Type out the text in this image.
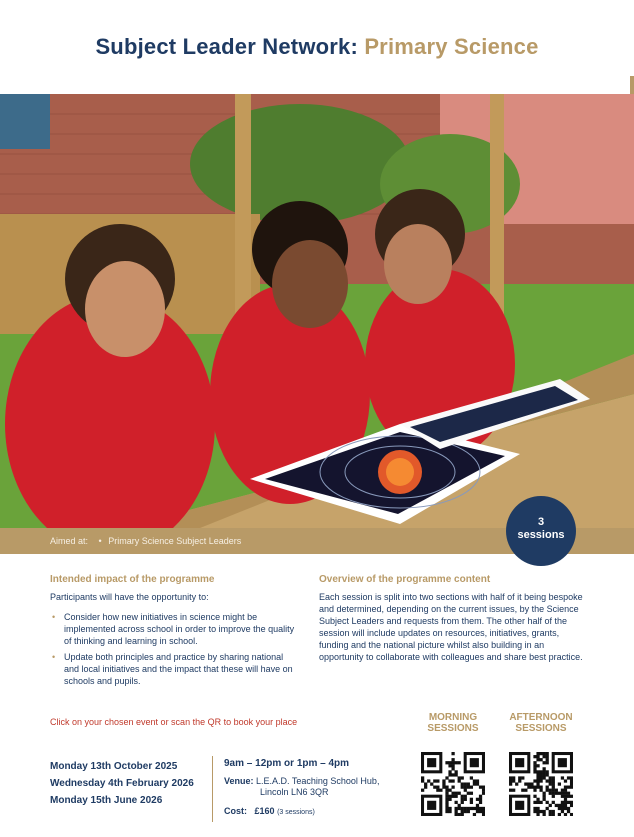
Subject Leader Network: Primary Science
Aimed at: • Primary Science Subject Leaders
3
sessions
Intended impact of the programme
Participants will have the opportunity to:
• Consider how new initiatives in science might be implemented across school in order to improve the quality of thinking and learning in school.
• Update both principles and practice by sharing national and local initiatives and the impact that these will have on schools and pupils.
Overview of the programme content
Each session is split into two sections with half of it being bespoke and determined, depending on the current issues, by the Science Subject Leaders and requests from them. The other half of the session will include updates on resources, initiatives, grants, funding and the national picture whilst also building in an opportunity to collaborate with colleagues and share best practice.
Click on your chosen event or scan the QR to book your place
Monday 13th October 2025
Wednesday 4th February 2026
Monday 15th June 2026
9am – 12pm or 1pm – 4pm
Venue: L.E.A.D. Teaching School Hub,
Lincoln LN6 3QR
Cost: £160 (3 sessions)
MORNING
SESSIONS
AFTERNOON
SESSIONS
